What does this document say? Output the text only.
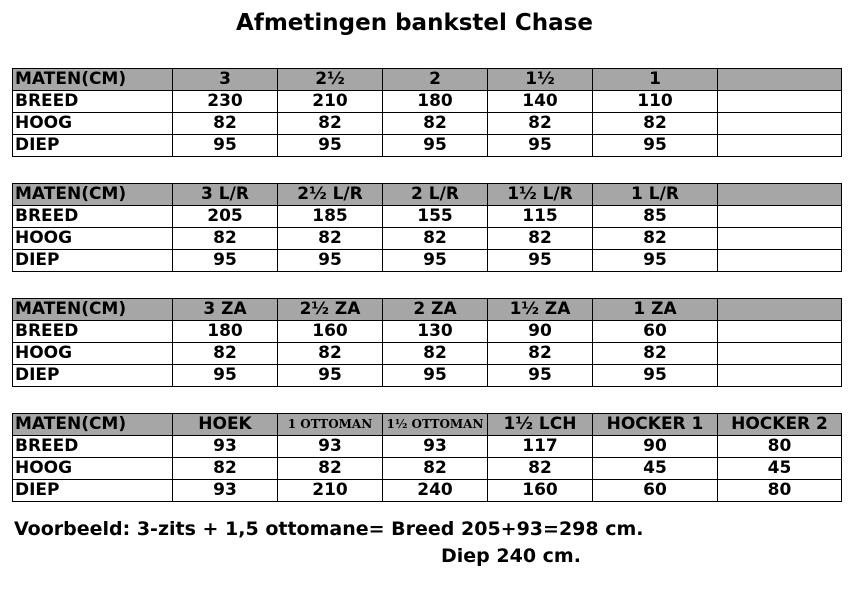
Afmetingen bankstel Chase
MATEN(CM)	3	2½	2	1½	1	
BREED	230	210	180	140	110	
HOOG	82	82	82	82	82	
DIEP	95	95	95	95	95	
MATEN(CM)	3 L/R	2½ L/R	2 L/R	1½ L/R	1 L/R	
BREED	205	185	155	115	85	
HOOG	82	82	82	82	82	
DIEP	95	95	95	95	95	
MATEN(CM)	3 ZA	2½ ZA	2 ZA	1½ ZA	1 ZA	
BREED	180	160	130	90	60	
HOOG	82	82	82	82	82	
DIEP	95	95	95	95	95	
MATEN(CM)	HOEK	1 OTTOMAN	1½ OTTOMAN	1½ LCH	HOCKER 1	HOCKER 2
BREED	93	93	93	117	90	80
HOOG	82	82	82	82	45	45
DIEP	93	210	240	160	60	80
Voorbeeld: 3-zits + 1,5 ottomane= Breed 205+93=298 cm.
Diep 240 cm.
